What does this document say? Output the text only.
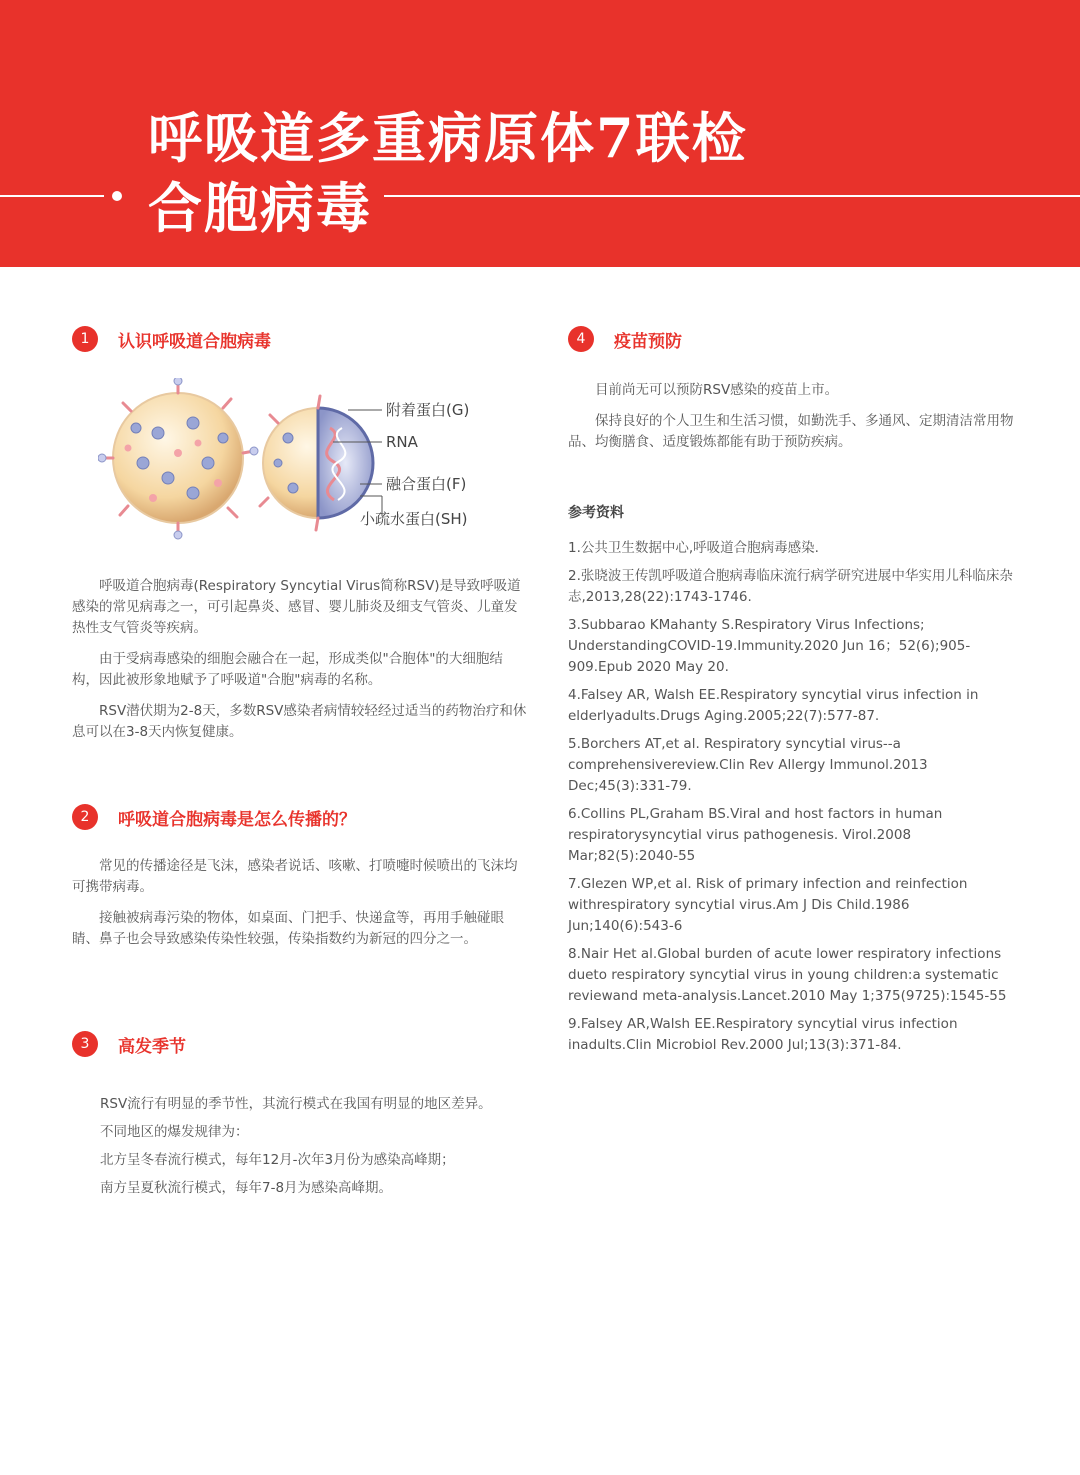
呼吸道多重病原体7联检
合胞病毒
1	认识呼吸道合胞病毒
附着蛋白(G)
RNA
融合蛋白(F)
小疏水蛋白(SH)

呼吸道合胞病毒(Respiratory Syncytial Virus简称RSV)是导致呼吸道感染的常见病毒之一，可引起鼻炎、感冒、婴儿肺炎及细支气管炎、儿童发热性支气管炎等疾病。

由于受病毒感染的细胞会融合在一起，形成类似"合胞体"的大细胞结构，因此被形象地赋予了呼吸道"合胞"病毒的名称。

RSV潜伏期为2-8天，多数RSV感染者病情较轻经过适当的药物治疗和休息可以在3-8天内恢复健康。

2	呼吸道合胞病毒是怎么传播的？

常见的传播途径是飞沫，感染者说话、咳嗽、打喷嚏时候喷出的飞沫均可携带病毒。

接触被病毒污染的物体，如桌面、门把手、快递盒等，再用手触碰眼睛、鼻子也会导致感染传染性较强，传染指数约为新冠的四分之一。

3	高发季节

RSV流行有明显的季节性，其流行模式在我国有明显的地区差异。

不同地区的爆发规律为：

北方呈冬春流行模式，每年12月-次年3月份为感染高峰期；

南方呈夏秋流行模式，每年7-8月为感染高峰期。

4	疫苗预防

目前尚无可以预防RSV感染的疫苗上市。

保持良好的个人卫生和生活习惯，如勤洗手、多通风、定期清洁常用物品、均衡膳食、适度锻炼都能有助于预防疾病。

参考资料
1.公共卫生数据中心,呼吸道合胞病毒感染.
2.张晓波王传凯呼吸道合胞病毒临床流行病学研究进展中华实用儿科临床杂志,2013,28(22):1743-1746.
3.Subbarao KMahanty S.Respiratory Virus Infections; UnderstandingCOVID-19.Immunity.2020 Jun 16；52(6);905-909.Epub 2020 May 20.
4.Falsey AR, Walsh EE.Respiratory syncytial virus infection in elderlyadults.Drugs Aging.2005;22(7):577-87.
5.Borchers AT,et al. Respiratory syncytial virus--a comprehensivereview.Clin Rev Allergy Immunol.2013 Dec;45(3):331-79.
6.Collins PL,Graham BS.Viral and host factors in human respiratorysyncytial virus pathogenesis. Virol.2008 Mar;82(5):2040-55
7.Glezen WP,et al. Risk of primary infection and reinfection withrespiratory syncytial virus.Am J Dis Child.1986 Jun;140(6):543-6
8.Nair Het al.Global burden of acute lower respiratory infections dueto respiratory syncytial virus in young children:a systematic reviewand meta-analysis.Lancet.2010 May 1;375(9725):1545-55
9.Falsey AR,Walsh EE.Respiratory syncytial virus infection inadults.Clin Microbiol Rev.2000 Jul;13(3):371-84.
